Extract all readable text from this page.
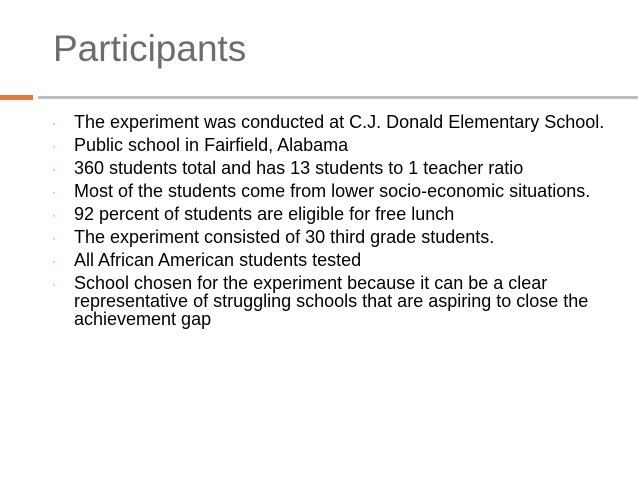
Participants
· The experiment was conducted at C.J. Donald Elementary School.
· Public school in Fairfield, Alabama
· 360 students total and has 13 students to 1 teacher ratio
· Most of the students come from lower socio-economic situations.
· 92 percent of students are eligible for free lunch
· The experiment consisted of 30 third grade students.
· All African American students tested
· School chosen for the experiment because it can be a clear representative of struggling schools that are aspiring to close the achievement gap
